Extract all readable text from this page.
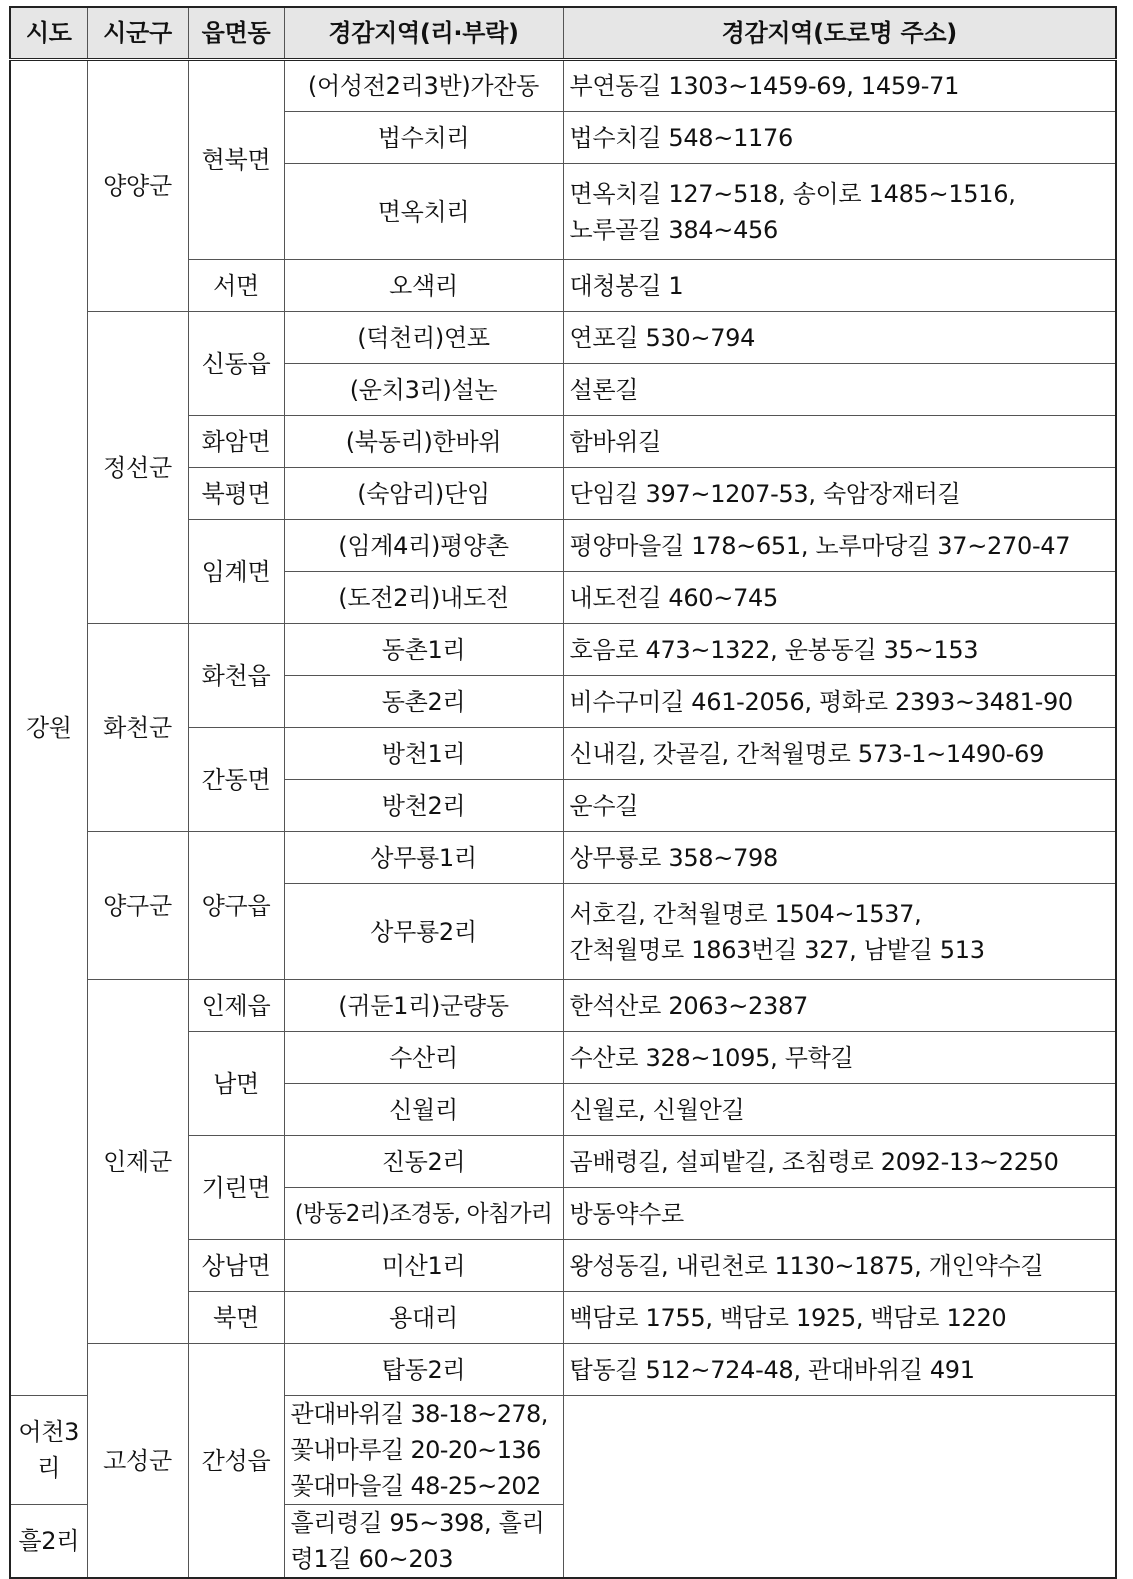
시도	시군구	읍면동	경감지역(리·부락)	경감지역(도로명 주소)
강원	양양군	현북면	(어성전2리3반)가잔동	부연동길 1303~1459-69, 1459-71
			법수치리	법수치길 548~1176
			면옥치리	면옥치길 127~518, 송이로 1485~1516,
노루골길 384~456
		서면	오색리	대청봉길 1
	정선군	신동읍	(덕천리)연포	연포길 530~794
			(운치3리)설논	설론길
		화암면	(북동리)한바위	함바위길
		북평면	(숙암리)단임	단임길 397~1207-53, 숙암장재터길
		임계면	(임계4리)평양촌	평양마을길 178~651, 노루마당길 37~270-47
			(도전2리)내도전	내도전길 460~745
	화천군	화천읍	동촌1리	호음로 473~1322, 운봉동길 35~153
			동촌2리	비수구미길 461-2056, 평화로 2393~3481-90
		간동면	방천1리	신내길, 갓골길, 간척월명로 573-1~1490-69
			방천2리	운수길
	양구군	양구읍	상무룡1리	상무룡로 358~798
			상무룡2리	서호길, 간척월명로 1504~1537,
간척월명로 1863번길 327, 남밭길 513
	인제군	인제읍	(귀둔1리)군량동	한석산로 2063~2387
		남면	수산리	수산로 328~1095, 무학길
			신월리	신월로, 신월안길
		기린면	진동2리	곰배령길, 설피밭길, 조침령로 2092-13~2250
			(방동2리)조경동, 아침가리	방동약수로
		상남면	미산1리	왕성동길, 내린천로 1130~1875, 개인약수길
		북면	용대리	백담로 1755, 백담로 1925, 백담로 1220
	고성군	간성읍	탑동2리	탑동길 512~724-48, 관대바위길 491
어천3리			관대바위길 38-18~278, 꽃내마루길 20-20~136
꽃대마을길 48-25~202	
흘2리			흘리령길 95~398, 흘리령1길 60~203	
